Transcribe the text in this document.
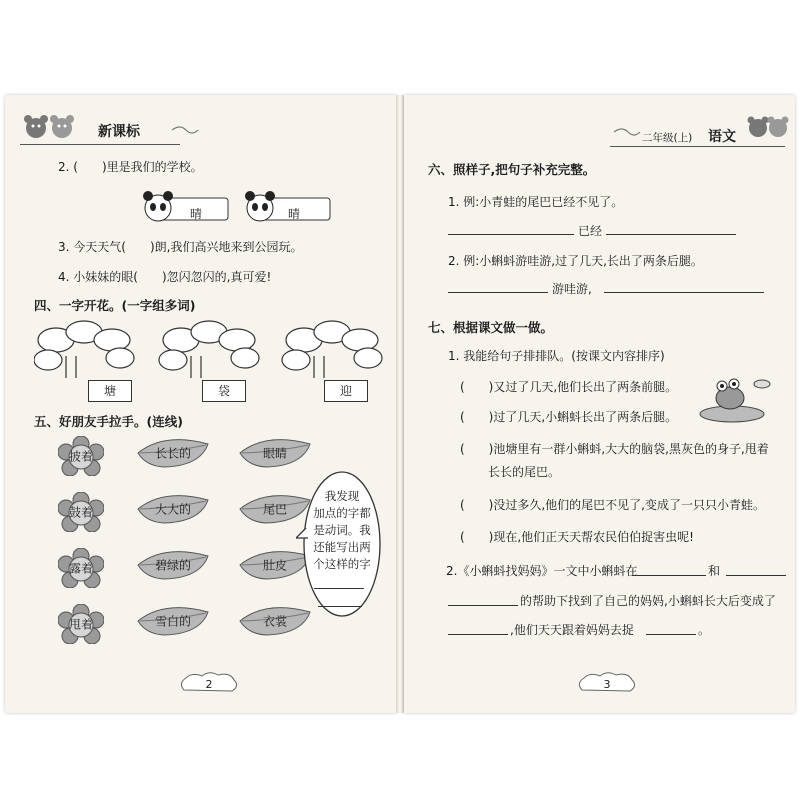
新课标
2. (　　)里是我们的学校。
晴	晴
3. 今天天气(　　)朗,我们高兴地来到公园玩。
4. 小妹妹的眼(　　)忽闪忽闪的,真可爱!
四、一字开花。(一字组多词)
塘	袋	迎
五、好朋友手拉手。(连线)
披着
鼓着
露着
甩着
长长的
大大的
碧绿的
雪白的
眼睛
尾巴
肚皮
衣裳
我发现
加点的字都
是动词。我
还能写出两
个这样的字
2
二年级(上) 语文
六、照样子,把句子补充完整。
1. 例:小青蛙的尾巴已经不见了。
已经
2. 例:小蝌蚪游哇游,过了几天,长出了两条后腿。
游哇游,
七、根据课文做一做。
1. 我能给句子排排队。(按课文内容排序)
(　　)又过了几天,他们长出了两条前腿。
(　　)过了几天,小蝌蚪长出了两条后腿。
(　　)池塘里有一群小蝌蚪,大大的脑袋,黑灰色的身子,甩着
长长的尾巴。
(　　)没过多久,他们的尾巴不见了,变成了一只只小青蛙。
(　　)现在,他们正天天帮农民伯伯捉害虫呢!
2.《小蝌蚪找妈妈》一文中小蝌蚪在	和
的帮助下找到了自己的妈妈,小蝌蚪长大后变成了
,他们天天跟着妈妈去捉	。
3
